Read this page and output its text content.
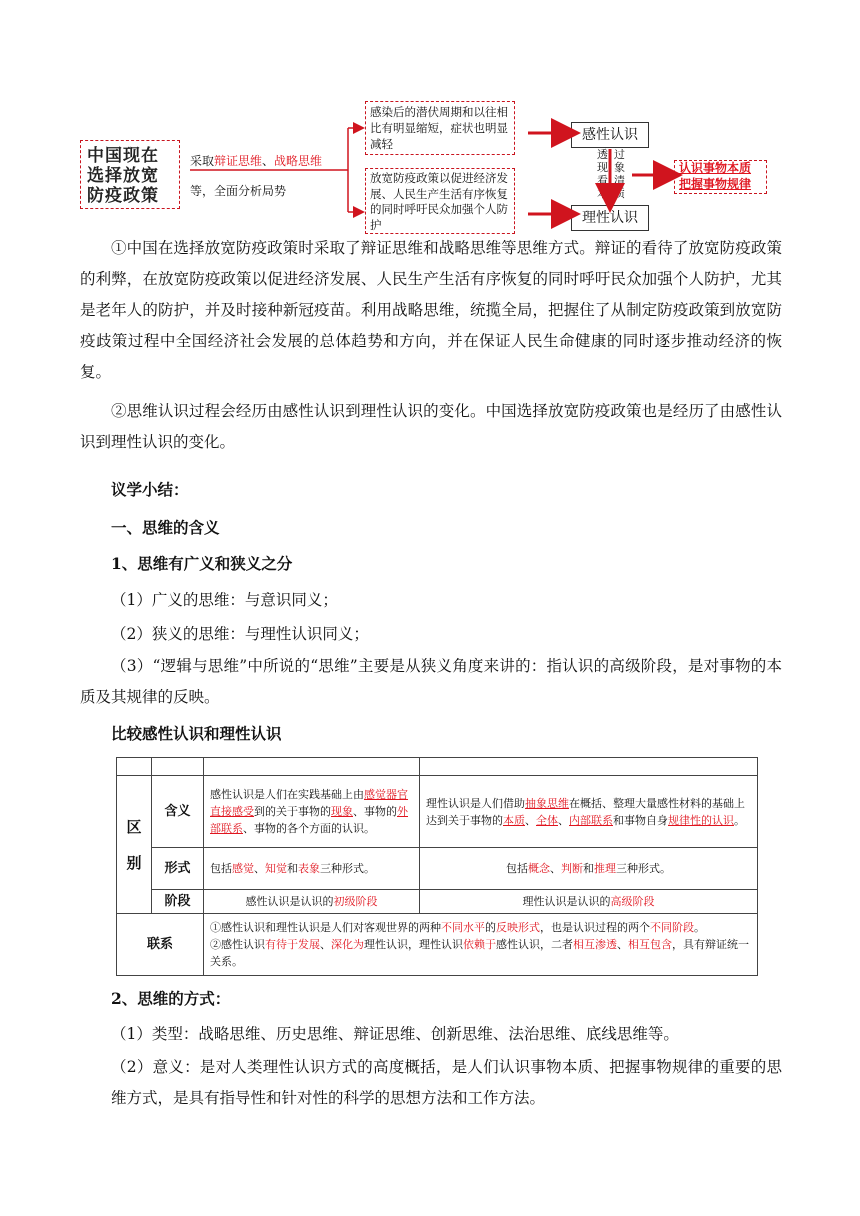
中国现在选择放宽防疫政策
采取辩证思维、战略思维等，全面分析局势
感染后的潜伏周期和以往相比有明显缩短，症状也明显减轻
放宽防疫政策以促进经济发展、人民生产生活有序恢复的同时呼吁民众加强个人防护
感性认识
理性认识
透现看本
过象清质
认识事物本质
把握事物规律
①中国在选择放宽防疫政策时采取了辩证思维和战略思维等思维方式。辩证的看待了放宽防疫政策的利弊，在放宽防疫政策以促进经济发展、人民生产生活有序恢复的同时呼吁民众加强个人防护，尤其是老年人的防护，并及时接种新冠疫苗。利用战略思维，统揽全局，把握住了从制定防疫政策到放宽防疫歧策过程中全国经济社会发展的总体趋势和方向，并在保证人民生命健康的同时逐步推动经济的恢复。
②思维认识过程会经历由感性认识到理性认识的变化。中国选择放宽防疫政策也是经历了由感性认识到理性认识的变化。
议学小结：
一、思维的含义
1、思维有广义和狭义之分
（1）广义的思维：与意识同义；
（2）狭义的思维：与理性认识同义；
（3）“逻辑与思维”中所说的“思维”主要是从狭义角度来讲的：指认识的高级阶段，是对事物的本质及其规律的反映。
比较感性认识和理性认识

区别	含义	感性认识是人们在实践基础上由感觉器官直接感受到的关于事物的现象、事物的外部联系、事物的各个方面的认识。	理性认识是人们借助抽象思维在概括、整理大量感性材料的基础上达到关于事物的本质、全体、内部联系和事物自身规律性的认识。
	形式	包括感觉、知觉和表象三种形式。	包括概念、判断和推理三种形式。
	阶段	感性认识是认识的初级阶段	理性认识是认识的高级阶段
联系		①感性认识和理性认识是人们对客观世界的两种不同水平的反映形式，也是认识过程的两个不同阶段。
②感性认识有待于发展、深化为理性认识，理性认识依赖于感性认识，二者相互渗透、相互包含，具有辩证统一关系。	
2、思维的方式：
（1）类型：战略思维、历史思维、辩证思维、创新思维、法治思维、底线思维等。
（2）意义：是对人类理性认识方式的高度概括，是人们认识事物本质、把握事物规律的重要的思维方式，是具有指导性和针对性的科学的思想方法和工作方法。
